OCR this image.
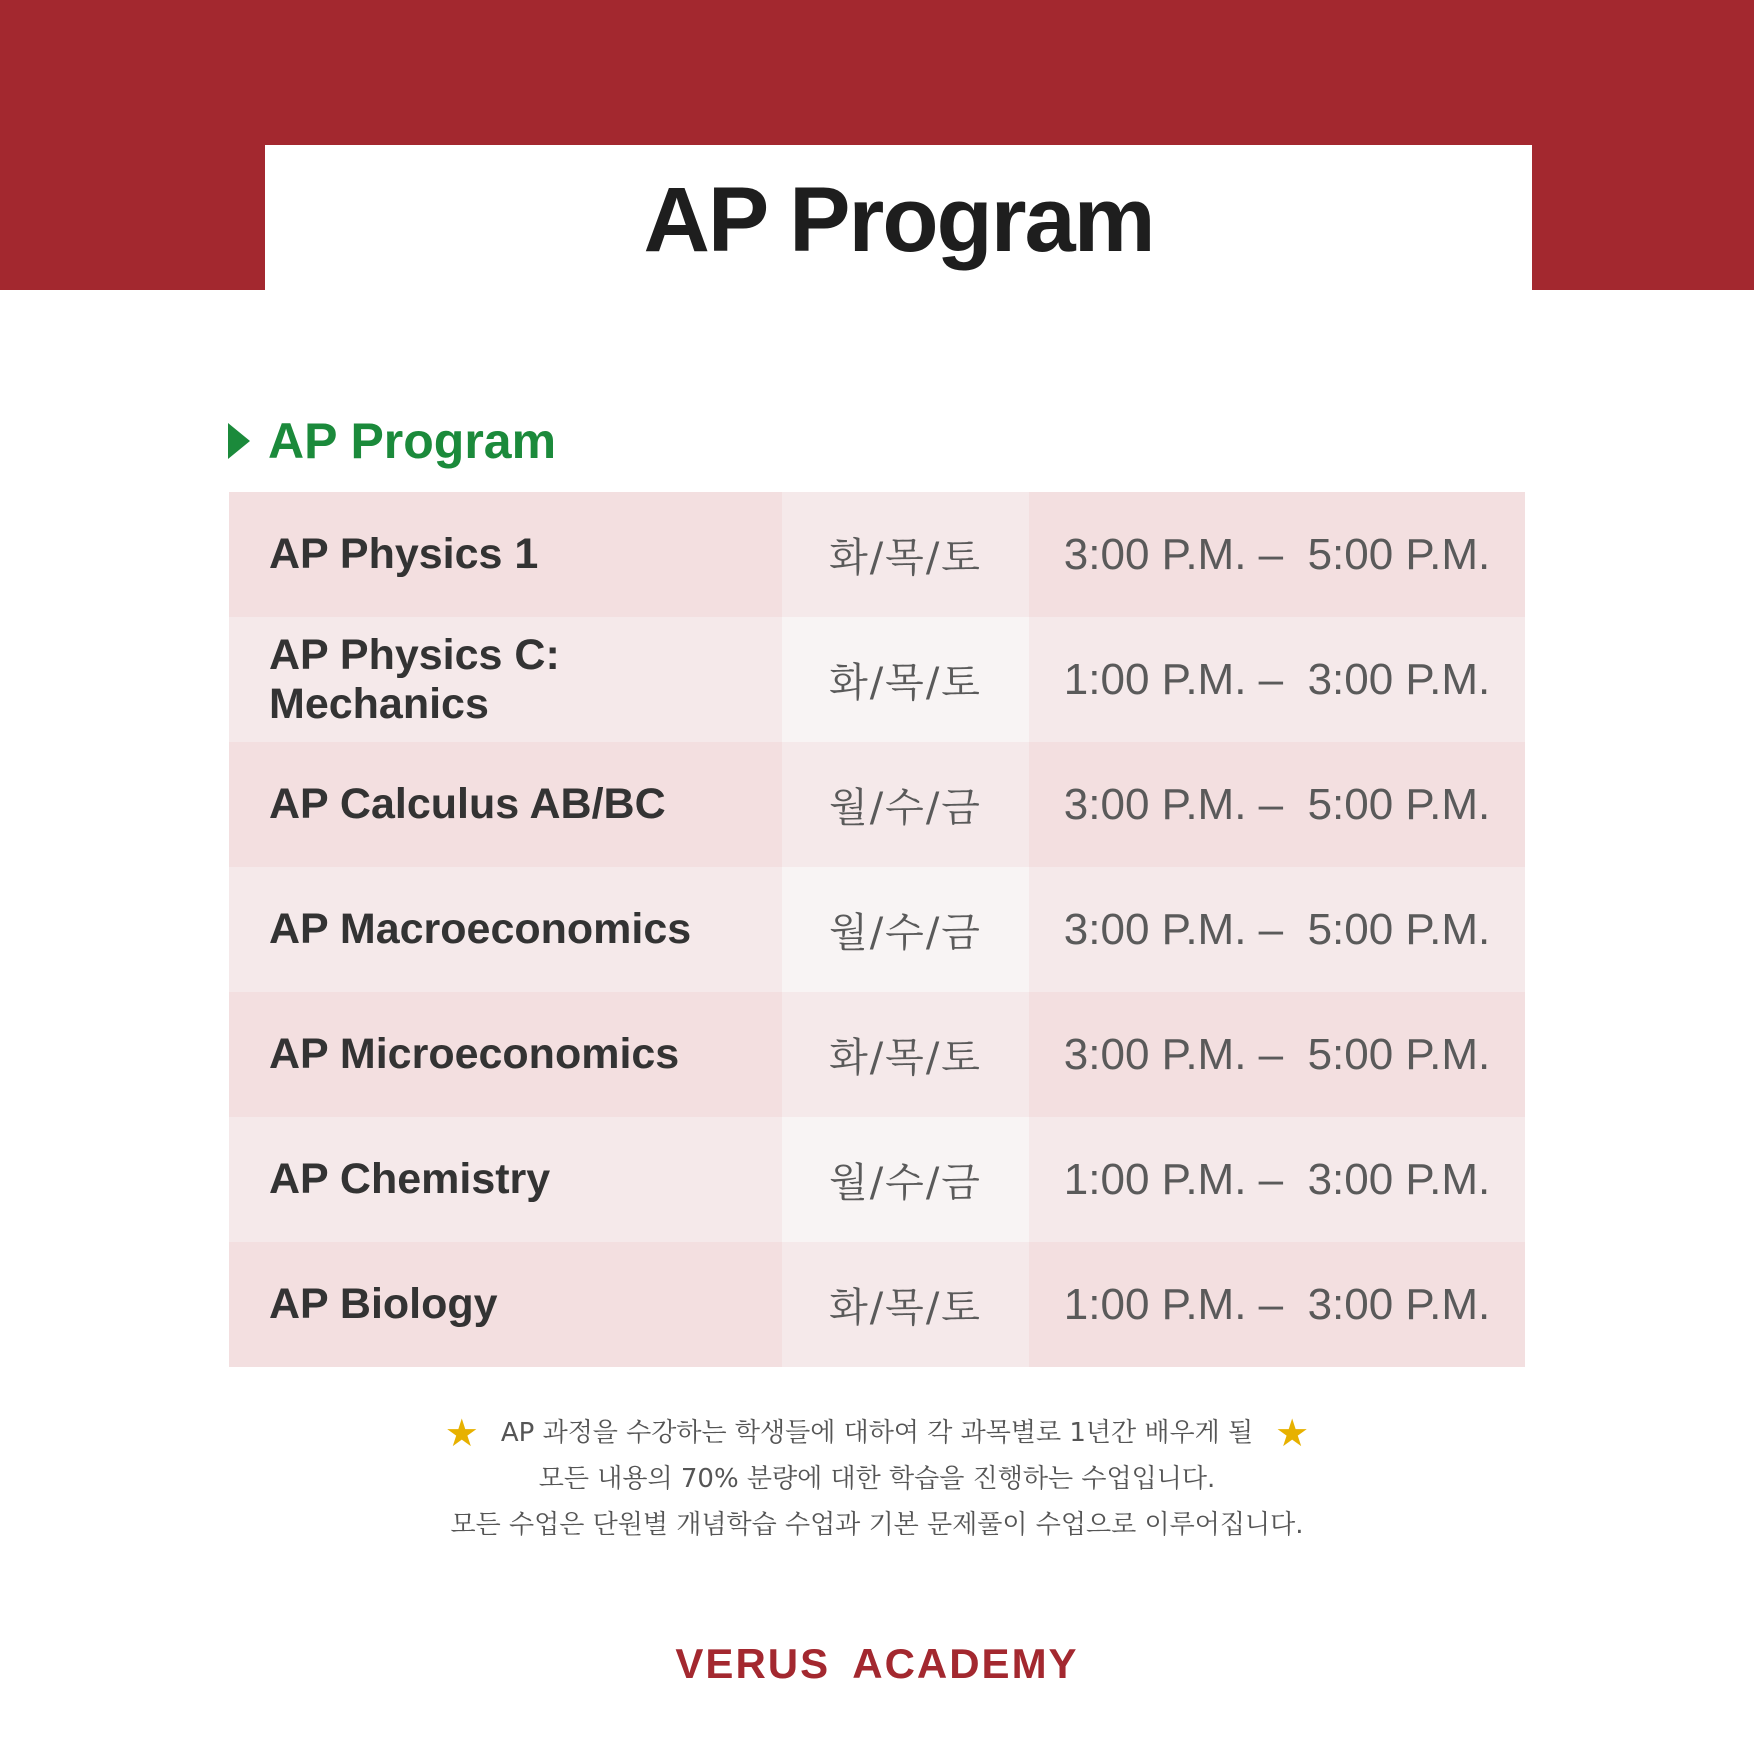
AP Program
AP Program
AP Physics 1	화/목/토 3:00 P.M. –  5:00 P.M.
AP Physics C: Mechanics	화/목/토 1:00 P.M. –  3:00 P.M.
AP Calculus AB/BC	월/수/금 3:00 P.M. –  5:00 P.M.
AP Macroeconomics	월/수/금 3:00 P.M. –  5:00 P.M.
AP Microeconomics	화/목/토 3:00 P.M. –  5:00 P.M.
AP Chemistry	월/수/금 1:00 P.M. –  3:00 P.M.
AP Biology	화/목/토 1:00 P.M. –  3:00 P.M.
★ AP 과정을 수강하는 학생들에 대하여 각 과목별로 1년간 배우게 될 ★
모든 내용의 70% 분량에 대한 학습을 진행하는 수업입니다.
모든 수업은 단원별 개념학습 수업과 기본 문제풀이 수업으로 이루어집니다.
VERUS ACADEMY
